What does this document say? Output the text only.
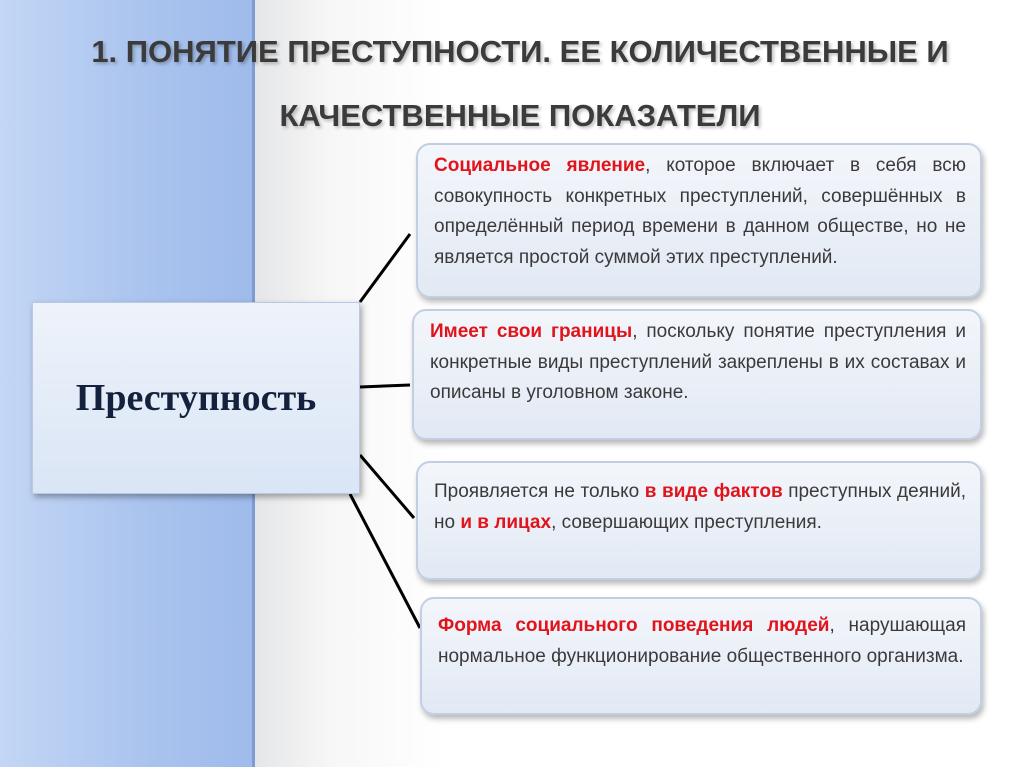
1. ПОНЯТИЕ ПРЕСТУПНОСТИ. ЕЕ КОЛИЧЕСТВЕННЫЕ И
КАЧЕСТВЕННЫЕ ПОКАЗАТЕЛИ
Преступность
Социальное явление, которое включает в себя всю совокупность конкретных преступлений, совершённых в определённый период времени в данном обществе, но не является простой суммой этих преступлений.
Имеет свои границы, поскольку понятие преступления и конкретные виды преступлений закреплены в их составах и описаны в уголовном законе.
Проявляется не только в виде фактов преступных деяний, но и в лицах, совершающих преступления.
Форма социального поведения людей, нарушающая нормальное функционирование общественного организма.
